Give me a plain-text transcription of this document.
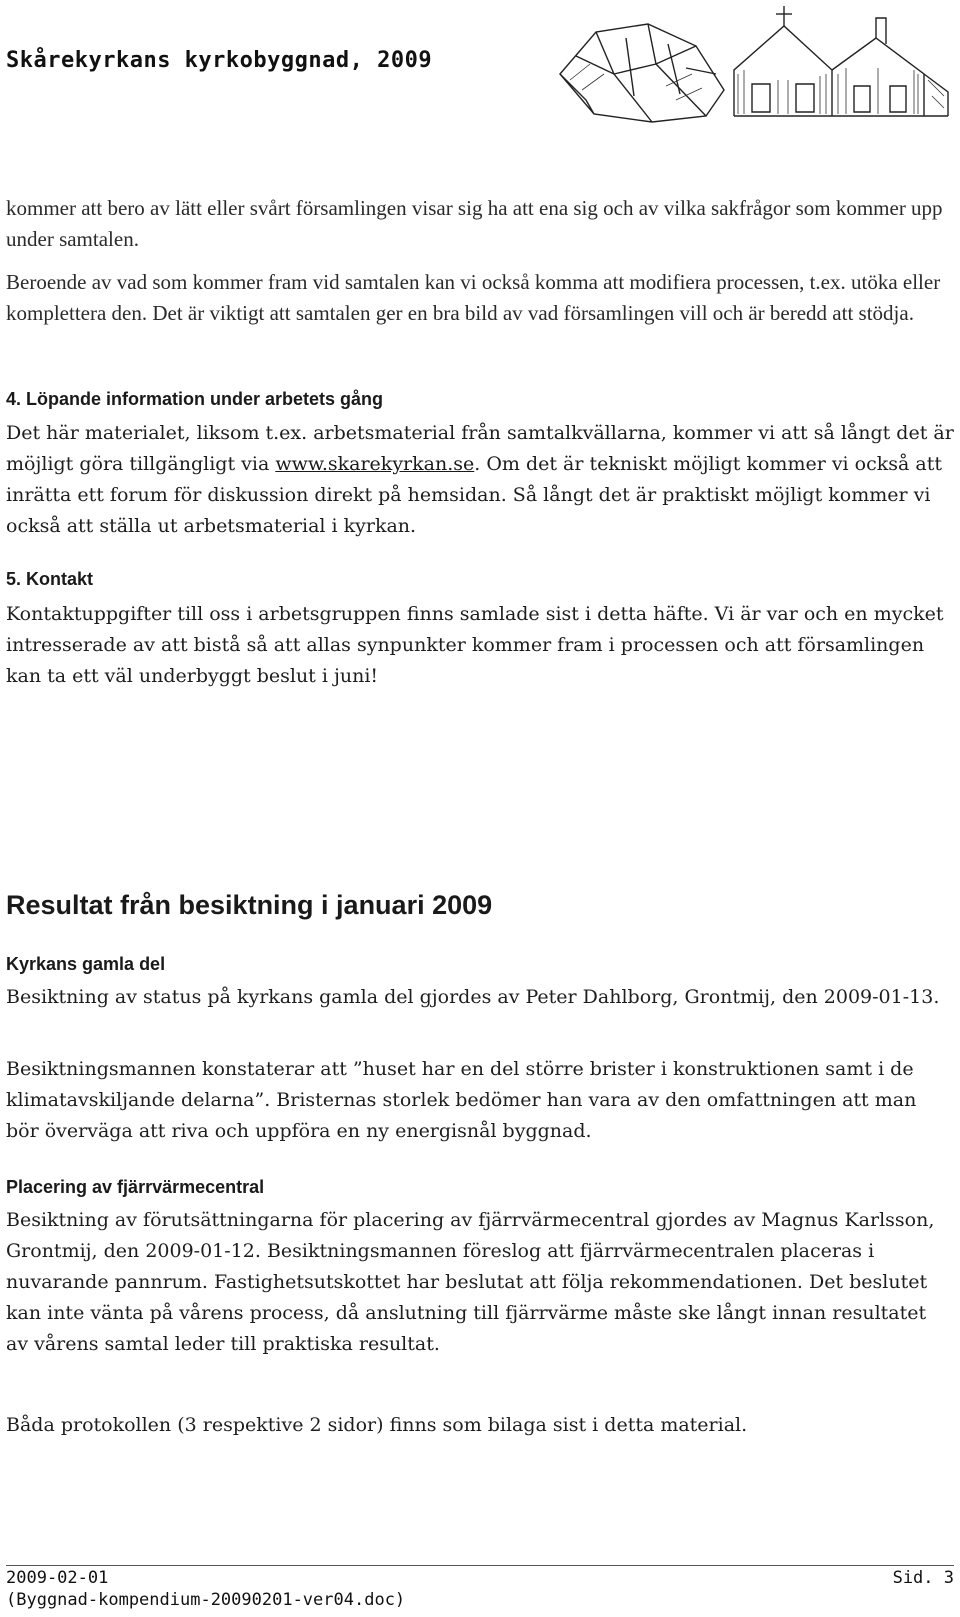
Skårekyrkans kyrkobyggnad, 2009

kommer att bero av lätt eller svårt församlingen visar sig ha att ena sig och av vilka sakfrågor som kommer upp under samtalen.

Beroende av vad som kommer fram vid samtalen kan vi också komma att modifiera processen, t.ex. utöka eller komplettera den. Det är viktigt att samtalen ger en bra bild av vad församlingen vill och är beredd att stödja.

4. Löpande information under arbetets gång

Det här materialet, liksom t.ex. arbetsmaterial från samtalkvällarna, kommer vi att så långt det är möjligt göra tillgängligt via www.skarekyrkan.se. Om det är tekniskt möjligt kommer vi också att inrätta ett forum för diskussion direkt på hemsidan. Så långt det är praktiskt möjligt kommer vi också att ställa ut arbetsmaterial i kyrkan.

5. Kontakt

Kontaktuppgifter till oss i arbetsgruppen finns samlade sist i detta häfte. Vi är var och en mycket intresserade av att bistå så att allas synpunkter kommer fram i processen och att församlingen kan ta ett väl underbyggt beslut i juni!

Resultat från besiktning i januari 2009
Kyrkans gamla del

Besiktning av status på kyrkans gamla del gjordes av Peter Dahlborg, Grontmij, den 2009-01-13.

Besiktningsmannen konstaterar att ”huset har en del större brister i konstruktionen samt i de klimatavskiljande delarna”. Bristernas storlek bedömer han vara av den omfattningen att man bör överväga att riva och uppföra en ny energisnål byggnad.

Placering av fjärrvärmecentral

Besiktning av förutsättningarna för placering av fjärrvärmecentral gjordes av Magnus Karlsson, Grontmij, den 2009-01-12. Besiktningsmannen föreslog att fjärrvärmecentralen placeras i nuvarande pannrum. Fastighetsutskottet har beslutat att följa rekommendationen. Det beslutet kan inte vänta på vårens process, då anslutning till fjärrvärme måste ske långt innan resultatet av vårens samtal leder till praktiska resultat.

Båda protokollen (3 respektive 2 sidor) finns som bilaga sist i detta material.

2009-02-01
(Byggnad-kompendium-20090201-ver04.doc)
Sid. 3
